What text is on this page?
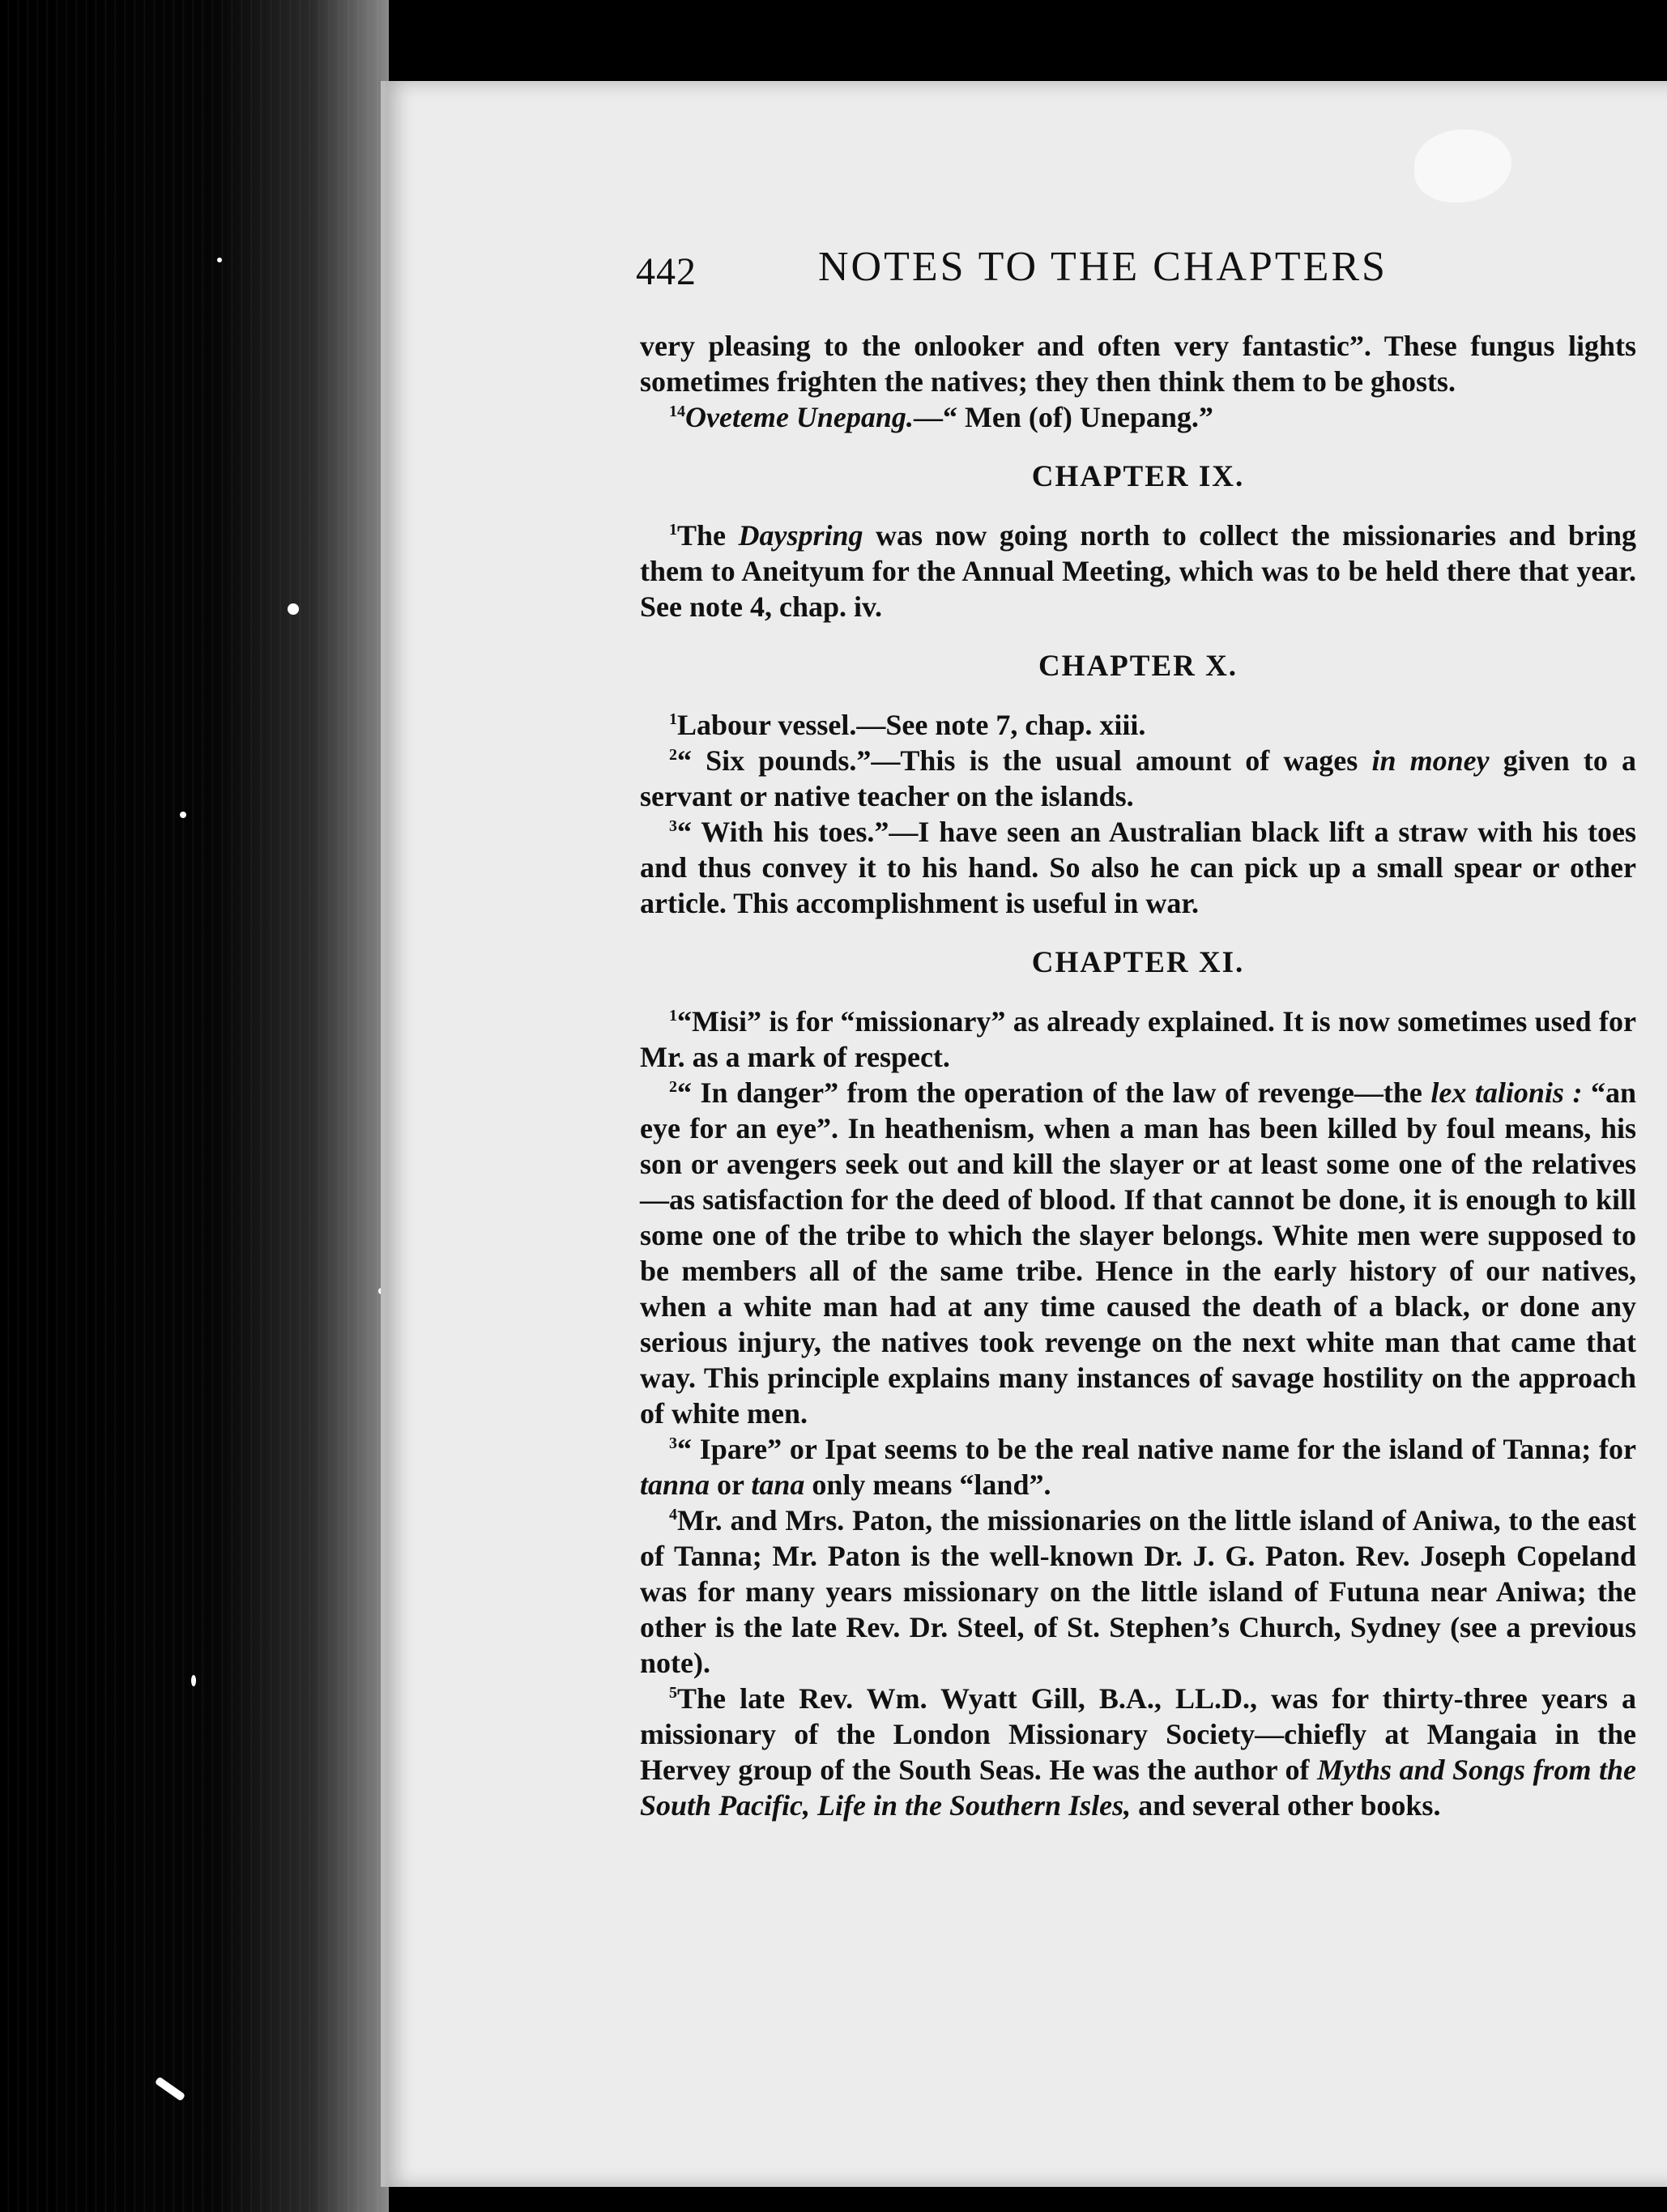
442	NOTES TO THE CHAPTERS

very pleasing to the onlooker and often very fantastic”. These fungus lights sometimes frighten the natives; they then think them to be ghosts.

$^{14}$Oveteme Unepang.—“ Men (of) Unepang.”

CHAPTER IX.

$^1$The Dayspring was now going north to collect the missionaries and bring them to Aneityum for the Annual Meeting, which was to be held there that year. See note 4, chap. iv.

CHAPTER X.

$^1$Labour vessel.—See note 7, chap. xiii.

$^2$“ Six pounds.”—This is the usual amount of wages in money given to a servant or native teacher on the islands.

$^3$“ With his toes.”—I have seen an Australian black lift a straw with his toes and thus convey it to his hand. So also he can pick up a small spear or other article. This accomplishment is useful in war.

CHAPTER XI.

$^1$“Misi” is for “missionary” as already explained. It is now sometimes used for Mr. as a mark of respect.

$^2$“ In danger” from the operation of the law of revenge—the lex talionis : “an eye for an eye”. In heathenism, when a man has been killed by foul means, his son or avengers seek out and kill the slayer or at least some one of the relatives—as satisfaction for the deed of blood. If that cannot be done, it is enough to kill some one of the tribe to which the slayer belongs. White men were supposed to be members all of the same tribe. Hence in the early history of our natives, when a white man had at any time caused the death of a black, or done any serious injury, the natives took revenge on the next white man that came that way. This principle explains many instances of savage hostility on the approach of white men.

$^3$“ Ipare” or Ipat seems to be the real native name for the island of Tanna; for tanna or tana only means “land”.

$^4$Mr. and Mrs. Paton, the missionaries on the little island of Aniwa, to the east of Tanna; Mr. Paton is the well-known Dr. J. G. Paton. Rev. Joseph Copeland was for many years missionary on the little island of Futuna near Aniwa; the other is the late Rev. Dr. Steel, of St. Stephen’s Church, Sydney (see a previous note).

$^5$The late Rev. Wm. Wyatt Gill, B.A., LL.D., was for thirty-three years a missionary of the London Missionary Society—chiefly at Mangaia in the Hervey group of the South Seas. He was the author of Myths and Songs from the South Pacific, Life in the Southern Isles, and several other books.
